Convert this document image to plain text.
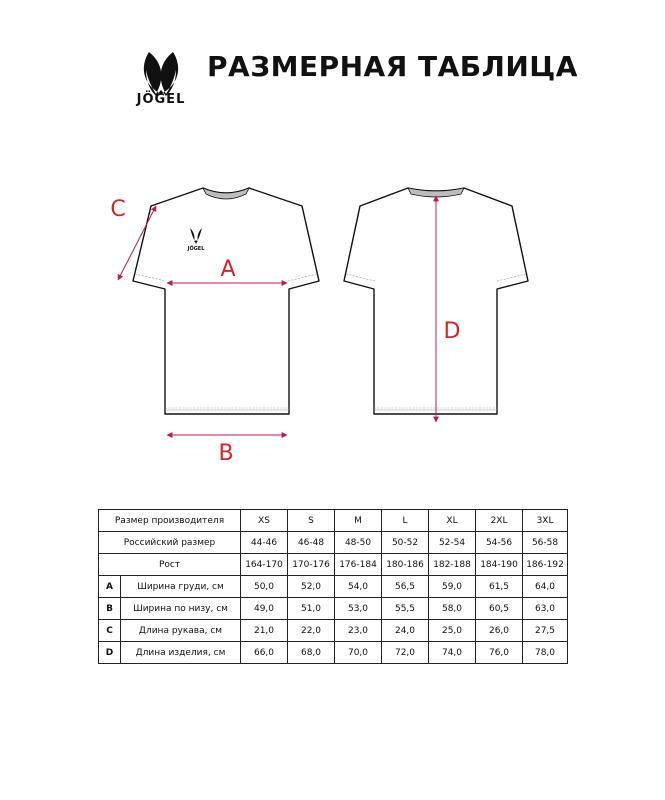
JÖGEL
РАЗМЕРНАЯ ТАБЛИЦА
JÖGEL
A
B
C
D
Размер производителя		XS	S	M	L	XL	2XL	3XL
Российский размер		44-46	46-48	48-50	50-52	52-54	54-56	56-58
Рост		164-170	170-176	176-184	180-186	182-188	184-190	186-192
A	Ширина груди, см	50,0	52,0	54,0	56,5	59,0	61,5	64,0
B	Ширина по низу, см	49,0	51,0	53,0	55,5	58,0	60,5	63,0
C	Длина рукава, см	21,0	22,0	23,0	24,0	25,0	26,0	27,5
D	Длина изделия, см	66,0	68,0	70,0	72,0	74,0	76,0	78,0
